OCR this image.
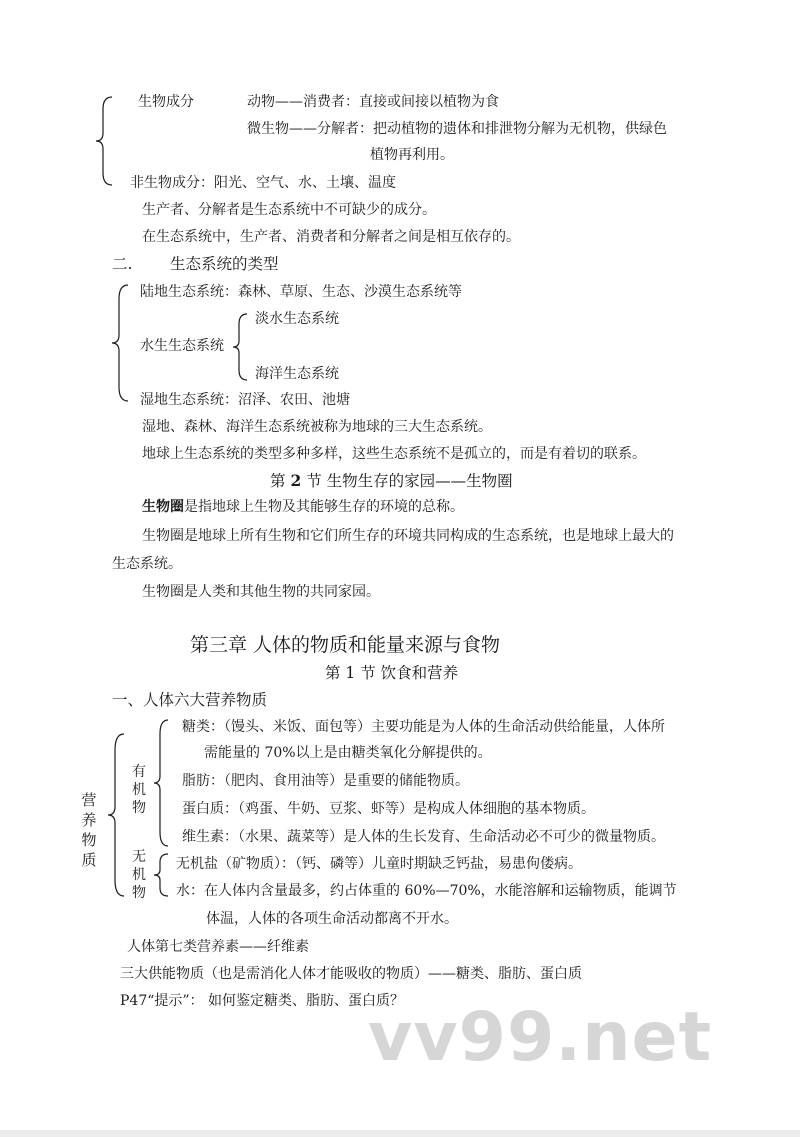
生物成分	动物——消费者：直接或间接以植物为食
微生物——分解者：把动植物的遗体和排泄物分解为无机物，供绿色
植物再利用。
非生物成分：阳光、空气、水、土壤、温度
生产者、分解者是生态系统中不可缺少的成分。
在生态系统中，生产者、消费者和分解者之间是相互依存的。
二. 生态系统的类型
陆地生态系统：森林、草原、生态、沙漠生态系统等
水生生态系统
淡水生态系统
海洋生态系统
湿地生态系统：沼泽、农田、池塘
湿地、森林、海洋生态系统被称为地球的三大生态系统。
地球上生态系统的类型多种多样，这些生态系统不是孤立的，而是有着切的联系。
第 2 节 生物生存的家园——生物圈
生物圈是指地球上生物及其能够生存的环境的总称。
生物圈是地球上所有生物和它们所生存的环境共同构成的生态系统，也是地球上最大的
生态系统。
生物圈是人类和其他生物的共同家园。
第三章 人体的物质和能量来源与食物
第 1 节 饮食和营养
一、人体六大营养物质
营
养
物
质
有
机
物
无
机
物
糖类：（馒头、米饭、面包等）主要功能是为人体的生命活动供给能量，人体所
需能量的 70%以上是由糖类氧化分解提供的。
脂肪：（肥肉、食用油等）是重要的储能物质。
蛋白质：（鸡蛋、牛奶、豆浆、虾等）是构成人体细胞的基本物质。
维生素：（水果、蔬菜等）是人体的生长发育、生命活动必不可少的微量物质。
无机盐（矿物质）：（钙、磷等）儿童时期缺乏钙盐，易患佝偻病。
水：在人体内含量最多，约占体重的 60%—70%，水能溶解和运输物质，能调节
体温，人体的各项生命活动都离不开水。
人体第七类营养素——纤维素
三大供能物质（也是需消化人体才能吸收的物质）——糖类、脂肪、蛋白质
P47“提示”： 如何鉴定糖类、脂肪、蛋白质？
vv99.net
